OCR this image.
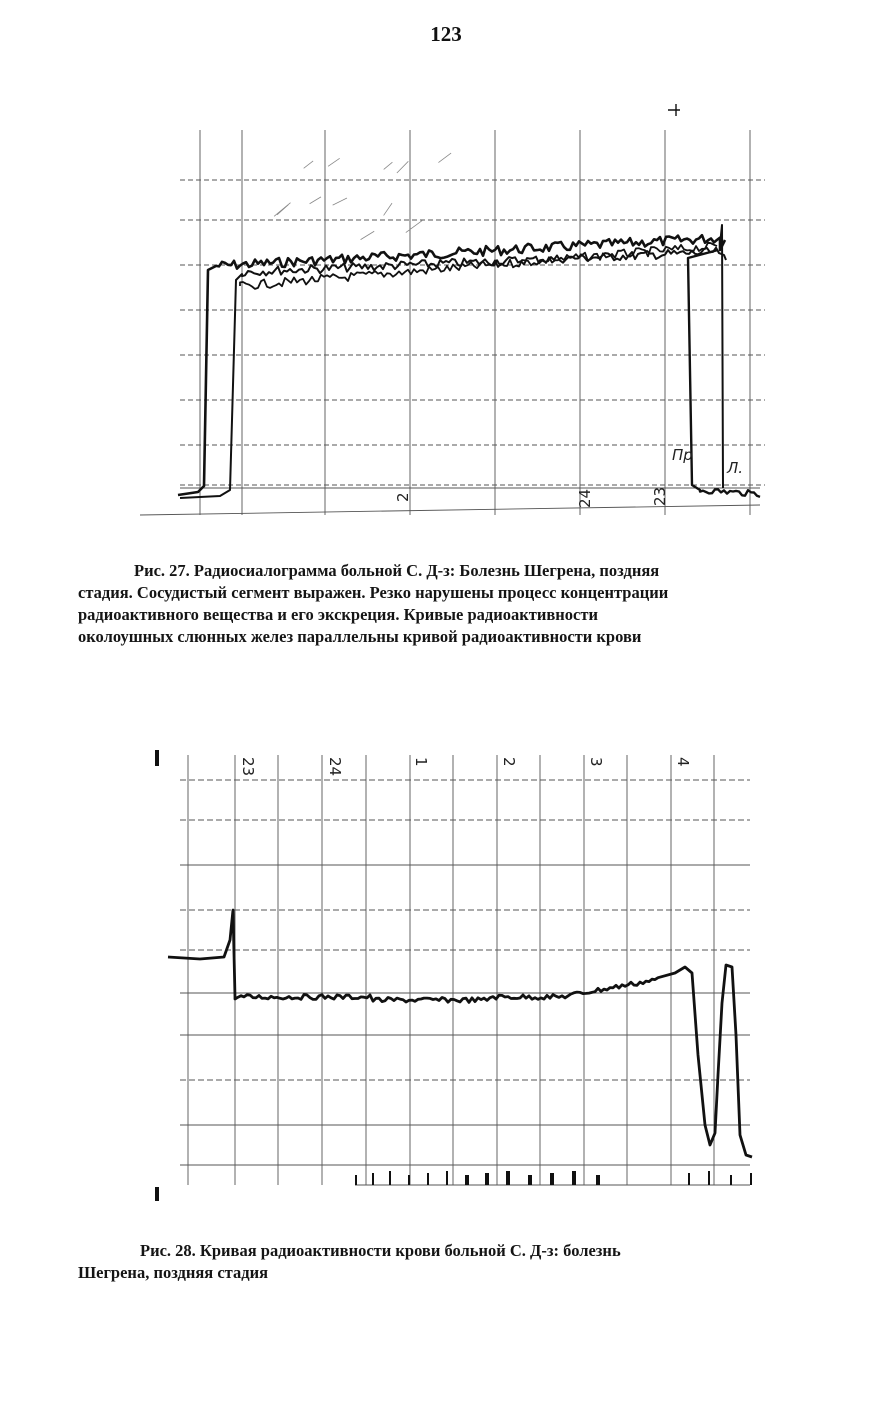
123
2	24	23
Пр
Л.
Рис. 27. Радиосиалограмма больной С. Д-з: Болезнь Шегрена, поздняя
стадия. Сосудистый сегмент выражен. Резко нарушены процесс концентрации
радиоактивного вещества и его экскреция. Кривые радиоактивности
околоушных слюнных желез параллельны кривой радиоактивности крови
23	24	1	2	3	4
Рис. 28. Кривая радиоактивности крови больной С. Д-з: болезнь
Шегрена, поздняя стадия
